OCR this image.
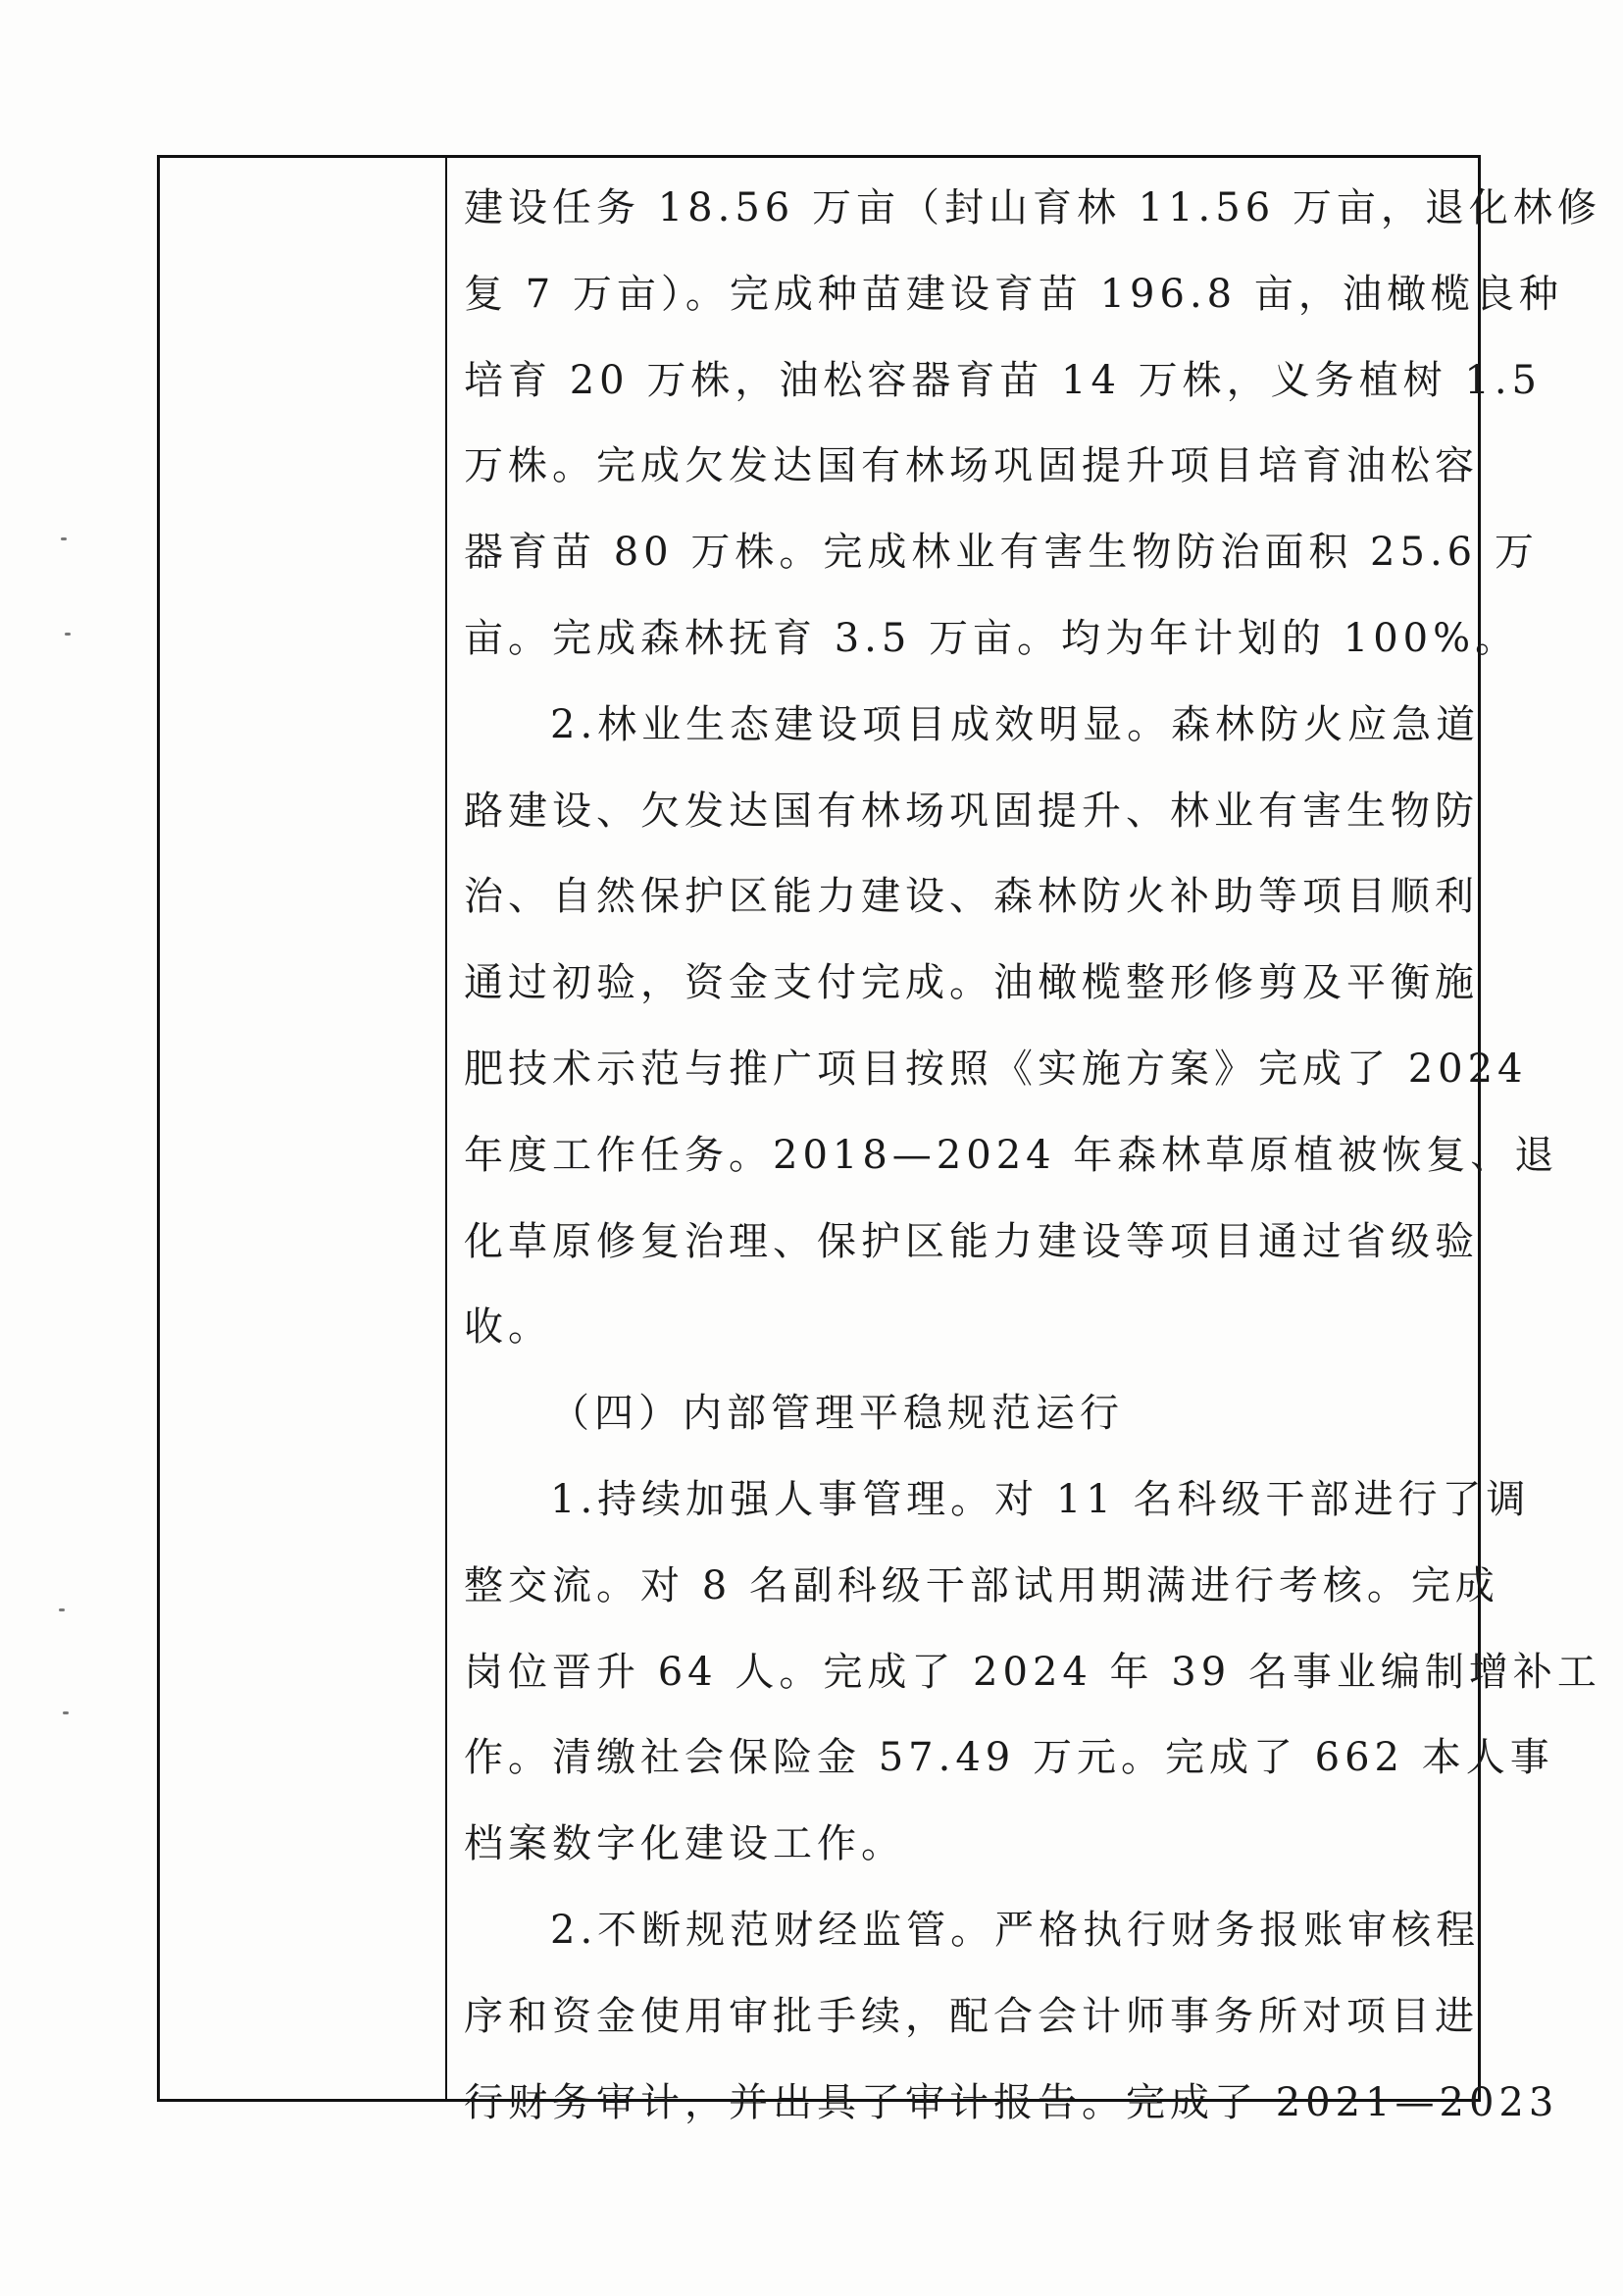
建设任务 18.56 万亩（封山育林 11.56 万亩，退化林修
复 7 万亩）。完成种苗建设育苗 196.8 亩，油橄榄良种
培育 20 万株，油松容器育苗 14 万株，义务植树 1.5
万株。完成欠发达国有林场巩固提升项目培育油松容
器育苗 80 万株。完成林业有害生物防治面积 25.6 万
亩。完成森林抚育 3.5 万亩。均为年计划的 100%。
2.林业生态建设项目成效明显。森林防火应急道
路建设、欠发达国有林场巩固提升、林业有害生物防
治、自然保护区能力建设、森林防火补助等项目顺利
通过初验，资金支付完成。油橄榄整形修剪及平衡施
肥技术示范与推广项目按照《实施方案》完成了 2024
年度工作任务。2018—2024 年森林草原植被恢复、退
化草原修复治理、保护区能力建设等项目通过省级验
收。
（四）内部管理平稳规范运行
1.持续加强人事管理。对 11 名科级干部进行了调
整交流。对 8 名副科级干部试用期满进行考核。完成
岗位晋升 64 人。完成了 2024 年 39 名事业编制增补工
作。清缴社会保险金 57.49 万元。完成了 662 本人事
档案数字化建设工作。
2.不断规范财经监管。严格执行财务报账审核程
序和资金使用审批手续，配合会计师事务所对项目进
行财务审计，并出具了审计报告。完成了 2021—2023
